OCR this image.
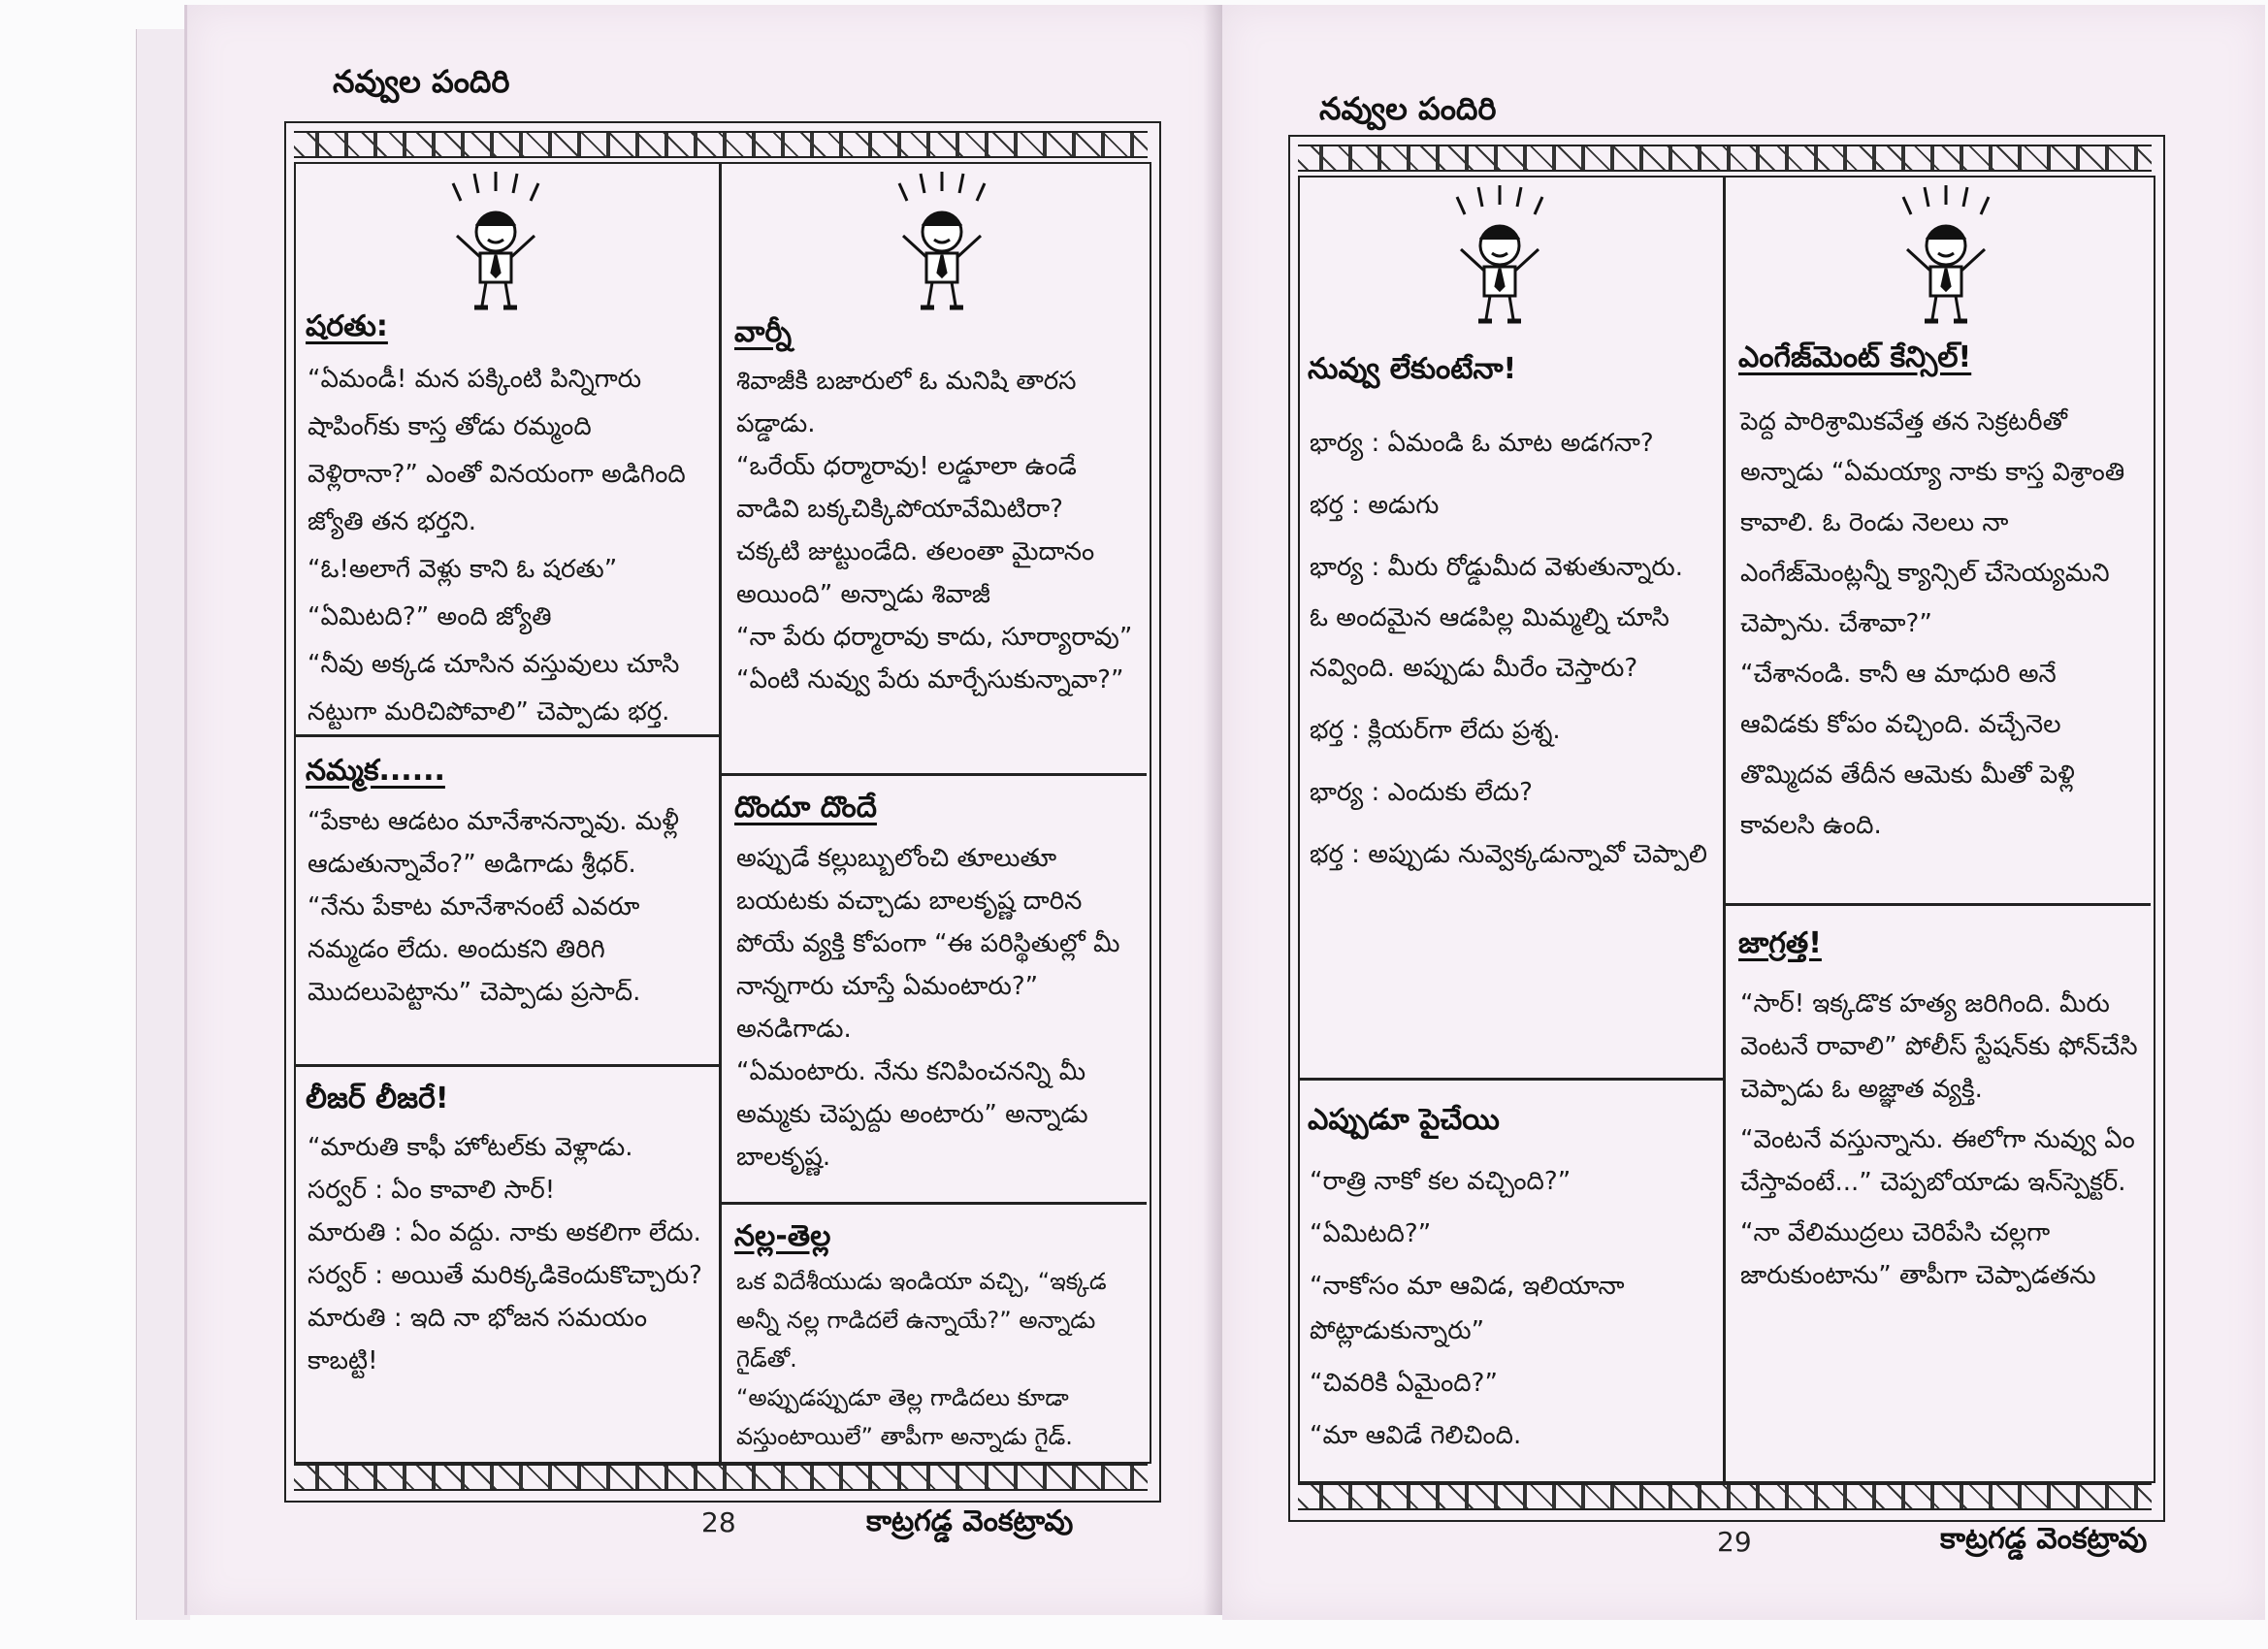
నవ్వుల పందిరి
షరతు:

“ఏమండీ! మన పక్కింటి పిన్నిగారు షాపింగ్‌కు కాస్త తోడు రమ్మంది వెళ్లిరానా?” ఎంతో వినయంగా అడిగింది జ్యోతి తన భర్తని.

“ఓ!అలాగే వెళ్లు కాని ఓ షరతు”

“ఏమిటది?” అంది జ్యోతి

“నీవు అక్కడ చూసిన వస్తువులు చూసి నట్టుగా మరిచిపోవాలి” చెప్పాడు భర్త.

నమ్మక......

“పేకాట ఆడటం మానేశానన్నావు. మళ్లీ ఆడుతున్నావేం?” అడిగాడు శ్రీధర్.

“నేను పేకాట మానేశానంటే ఎవరూ నమ్మడం లేదు. అందుకని తిరిగి మొదలుపెట్టాను” చెప్పాడు ప్రసాద్.

లీజర్ లీజరే!

“మారుతి కాఫీ హోటల్‌కు వెళ్లాడు.

సర్వర్ : ఏం కావాలి సార్!

మారుతి : ఏం వద్దు. నాకు అకలిగా లేదు.

సర్వర్ : అయితే మరిక్కడికెందుకొచ్చారు?

మారుతి : ఇది నా భోజన సమయం కాబట్టి!

వార్నీ

శివాజీకి బజారులో ఓ మనిషి తారస పడ్డాడు.

“ఒరేయ్ ధర్మారావు! లడ్డూలా ఉండే వాడివి బక్కచిక్కిపోయావేమిటిరా? చక్కటి జుట్టుండేది. తలంతా మైదానం అయింది” అన్నాడు శివాజీ

“నా పేరు ధర్మారావు కాదు, సూర్యారావు”

“ఏంటి నువ్వు పేరు మార్చేసుకున్నావా?”

దొందూ దొందే

అప్పుడే కల్లుబ్బులోంచి తూలుతూ బయటకు వచ్చాడు బాలకృష్ణ దారిన పోయే వ్యక్తి కోపంగా “ఈ పరిస్థితుల్లో మీ నాన్నగారు చూస్తే ఏమంటారు?” అనడిగాడు.

“ఏమంటారు. నేను కనిపించనన్ని మీ అమ్మకు చెప్పద్దు అంటారు” అన్నాడు బాలకృష్ణ.

నల్ల-తెల్ల

ఒక విదేశీయుడు ఇండియా వచ్చి, “ఇక్కడ అన్నీ నల్ల గాడిదలే ఉన్నాయే?” అన్నాడు గైడ్‌తో.

“అప్పుడప్పుడూ తెల్ల గాడిదలు కూడా వస్తుంటాయిలే” తాపీగా అన్నాడు గైడ్.

28	కాట్రగడ్డ వెంకట్రావు
నవ్వుల పందిరి
నువ్వు లేకుంటేనా!

భార్య : ఏమండి ఓ మాట అడగనా?

భర్త : అడుగు

భార్య : మీరు రోడ్డుమీద వెళుతున్నారు. ఓ అందమైన ఆడపిల్ల మిమ్మల్ని చూసి నవ్వింది. అప్పుడు మీరేం చెస్తారు?

భర్త : క్లియర్‌గా లేదు ప్రశ్న.

భార్య : ఎందుకు లేదు?

భర్త : అప్పుడు నువ్వెక్కడున్నావో చెప్పాలి

ఎప్పుడూ పైచేయి

“రాత్రి నాకో కల వచ్చింది?”

“ఏమిటది?”

“నాకోసం మా ఆవిడ, ఇలియానా పోట్లాడుకున్నారు”

“చివరికి ఏమైంది?”

“మా ఆవిడే గెలిచింది.

ఎంగేజ్‌మెంట్ కేన్సిల్!

పెద్ద పారిశ్రామికవేత్త తన సెక్రటరీతో అన్నాడు “ఏమయ్యా నాకు కాస్త విశ్రాంతి కావాలి. ఓ రెండు నెలలు నా ఎంగేజ్‌మెంట్లన్నీ క్యాన్సిల్ చేసెయ్యమని చెప్పాను. చేశావా?”

“చేశానండి. కానీ ఆ మాధురి అనే ఆవిడకు కోపం వచ్చింది. వచ్చేనెల తొమ్మిదవ తేదీన ఆమెకు మీతో పెళ్లి కావలసి ఉంది.

జాగ్రత్త!

“సార్! ఇక్కడొక హత్య జరిగింది. మీరు వెంటనే రావాలి” పోలీస్ స్టేషన్‌కు ఫోన్‌చేసి చెప్పాడు ఓ అజ్ఞాత వ్యక్తి.

“వెంటనే వస్తున్నాను. ఈలోగా నువ్వు ఏం చేస్తావంటే...” చెప్పబోయాడు ఇన్‌స్పెక్టర్.

“నా వేలిముద్రలు చెరిపేసి చల్లగా జారుకుంటాను” తాపీగా చెప్పాడతను

29	కాట్రగడ్డ వెంకట్రావు
